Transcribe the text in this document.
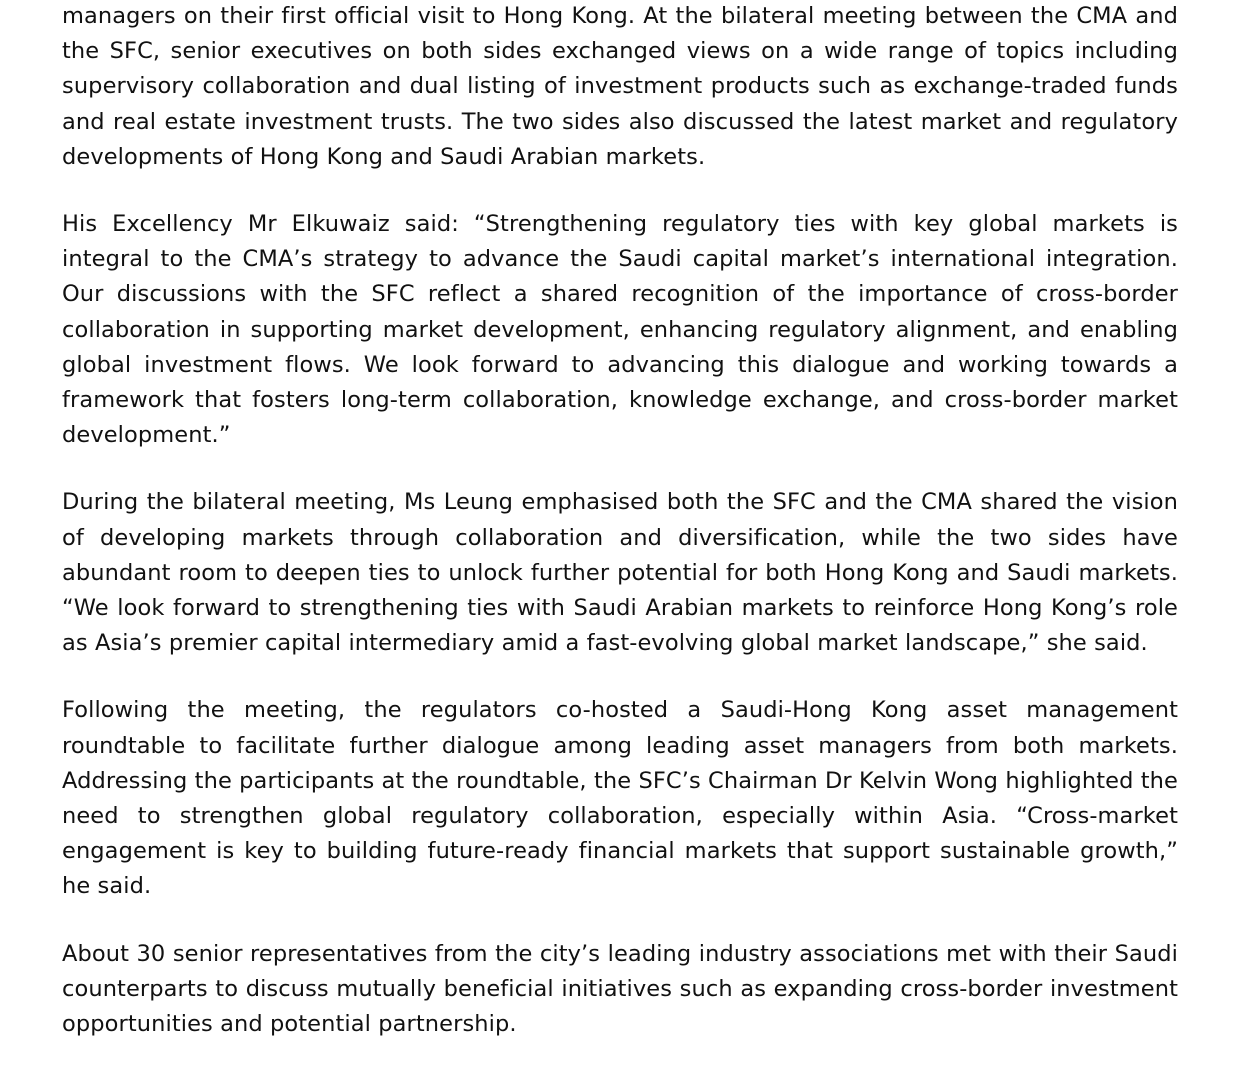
managers on their first official visit to Hong Kong. At the bilateral meeting between the CMA and the SFC, senior executives on both sides exchanged views on a wide range of topics including supervisory collaboration and dual listing of investment products such as exchange-traded funds and real estate investment trusts. The two sides also discussed the latest market and regulatory developments of Hong Kong and Saudi Arabian markets.

His Excellency Mr Elkuwaiz said: “Strengthening regulatory ties with key global markets is integral to the CMA’s strategy to advance the Saudi capital market’s international integration. Our discussions with the SFC reflect a shared recognition of the importance of cross-border collaboration in supporting market development, enhancing regulatory alignment, and enabling global investment flows. We look forward to advancing this dialogue and working towards a framework that fosters long-term collaboration, knowledge exchange, and cross-border market development.”

During the bilateral meeting, Ms Leung emphasised both the SFC and the CMA shared the vision of developing markets through collaboration and diversification, while the two sides have abundant room to deepen ties to unlock further potential for both Hong Kong and Saudi markets. “We look forward to strengthening ties with Saudi Arabian markets to reinforce Hong Kong’s role as Asia’s premier capital intermediary amid a fast-evolving global market landscape,” she said.

Following the meeting, the regulators co-hosted a Saudi-Hong Kong asset management roundtable to facilitate further dialogue among leading asset managers from both markets. Addressing the participants at the roundtable, the SFC’s Chairman Dr Kelvin Wong highlighted the need to strengthen global regulatory collaboration, especially within Asia. “Cross-market engagement is key to building future-ready financial markets that support sustainable growth,” he said.

About 30 senior representatives from the city’s leading industry associations met with their Saudi counterparts to discuss mutually beneficial initiatives such as expanding cross-border investment opportunities and potential partnership.
